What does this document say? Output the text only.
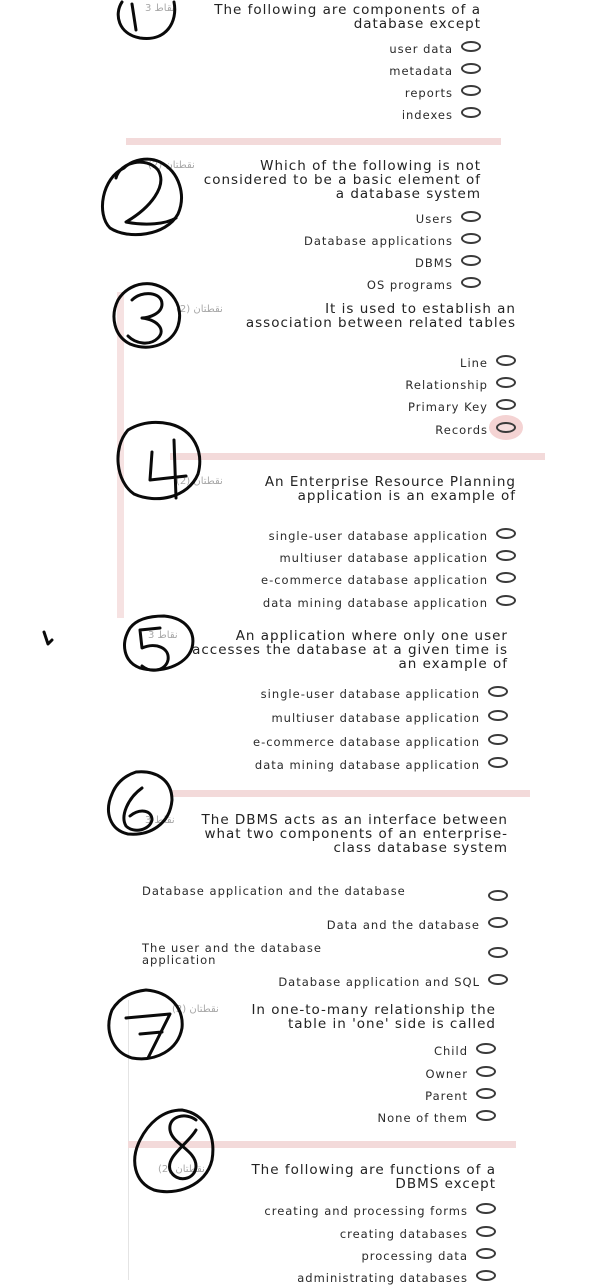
3 نقاط	The following are components of a database except
user data
metadata
reports
indexes
نقطتان (2)	Which of the following is not considered to be a basic element of a database system
Users
Database applications
DBMS
OS programs
نقطتان (2)	It is used to establish an association between related tables
Line
Relationship
Primary Key
Records
نقطتان (2)	An Enterprise Resource Planning application is an example of
single-user database application
multiuser database application
e-commerce database application
data mining database application
3 نقاط	An application where only one user accesses the database at a given time is an example of
single-user database application
multiuser database application
e-commerce database application
data mining database application
3 نقاط	The DBMS acts as an interface between what two components of an enterprise-class database system
Database application and the database
Data and the database
The user and the database application
Database application and SQL
نقطتان (2)	In one-to-many relationship the table in 'one' side is called
Child
Owner
Parent
None of them
نقطتان (2)	The following are functions of a DBMS except
creating and processing forms
creating databases
processing data
administrating databases
